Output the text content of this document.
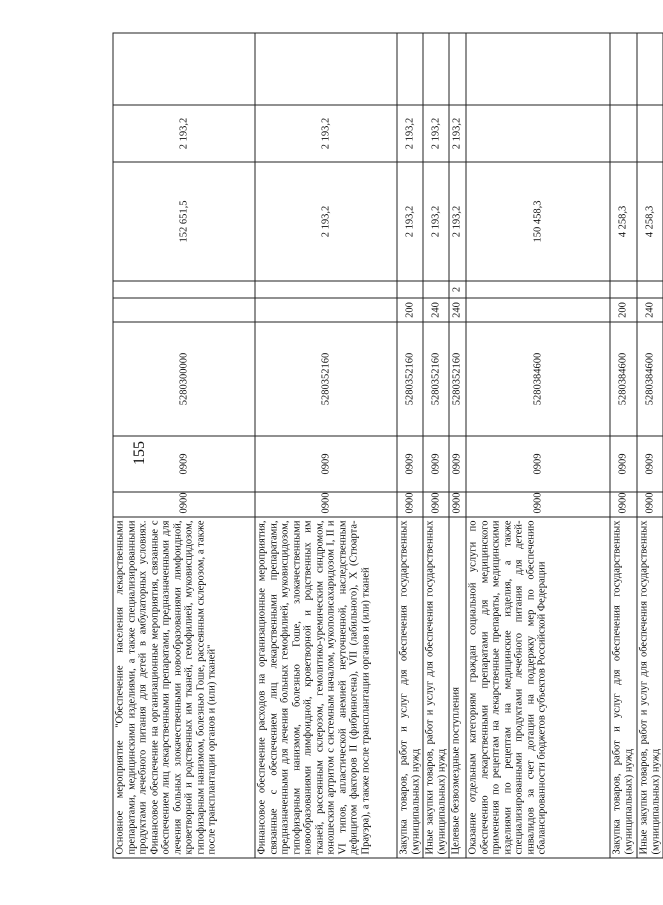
155
Основное мероприятие "Обеспечение населения лекарственными препаратами, медицинскими изделиями, а также специализированными продуктами лечебного питания для детей в амбулаторных условиях. Финансовое обеспечение на организационные мероприятия, связанные с обеспечением лиц лекарственными препаратами, предназначенными для лечения больных злокачественными новообразованиями лимфоидной, кроветворной и родственных им тканей, гемофилией, муковисцидозом, гипофизарным нанизмом, болезнью Гоше, рассеянным склерозом, а также после трансплантации органов и (или) тканей"	0900	0909	5280300000			152 651,5	2 193,2	
Финансовое обеспечение расходов на организационные мероприятия, связанные с обеспечением лиц лекарственными препаратами, предназначенными для лечения больных гемофилией, муковисцидозом, гипофизарным нанизмом, болезнью Гоше, злокачественными новообразованиями лимфоидной, кроветворной и родственных им тканей, рассеянным склерозом, гемолитико-уремическим синдромом, юношеским артритом с системным началом, мукополисахаридозом I, II и VI типов, апластической анемией неуточненной, наследственным дефицитом факторов II (фибриногена), VII (лабильного), X (Стюарта-Прауэра), а также после трансплантации органов и (или) тканей	0900	0909	5280352160			2 193,2	2 193,2	
Закупка товаров, работ и услуг для обеспечения государственных (муниципальных) нужд	0900	0909	5280352160	200		2 193,2	2 193,2	
Иные закупки товаров, работ и услуг для обеспечения государственных (муниципальных) нужд	0900	0909	5280352160	240		2 193,2	2 193,2	
Целевые безвозмездные поступления	0900	0909	5280352160	240	2	2 193,2	2 193,2	
Оказание отдельным категориям граждан социальной услуги по обеспечению лекарственными препаратами для медицинского применения по рецептам на лекарственные препараты, медицинскими изделиями по рецептам на медицинские изделия, а также специализированными продуктами лечебного питания для детей-инвалидов за счет дотации на поддержку мер по обеспечению сбалансированности бюджетов субъектов Российской Федерации	0900	0909	5280384600			150 458,3		
Закупка товаров, работ и услуг для обеспечения государственных (муниципальных) нужд	0900	0909	5280384600	200		4 258,3		
Иные закупки товаров, работ и услуг для обеспечения государственных (муниципальных) нужд	0900	0909	5280384600	240		4 258,3		
